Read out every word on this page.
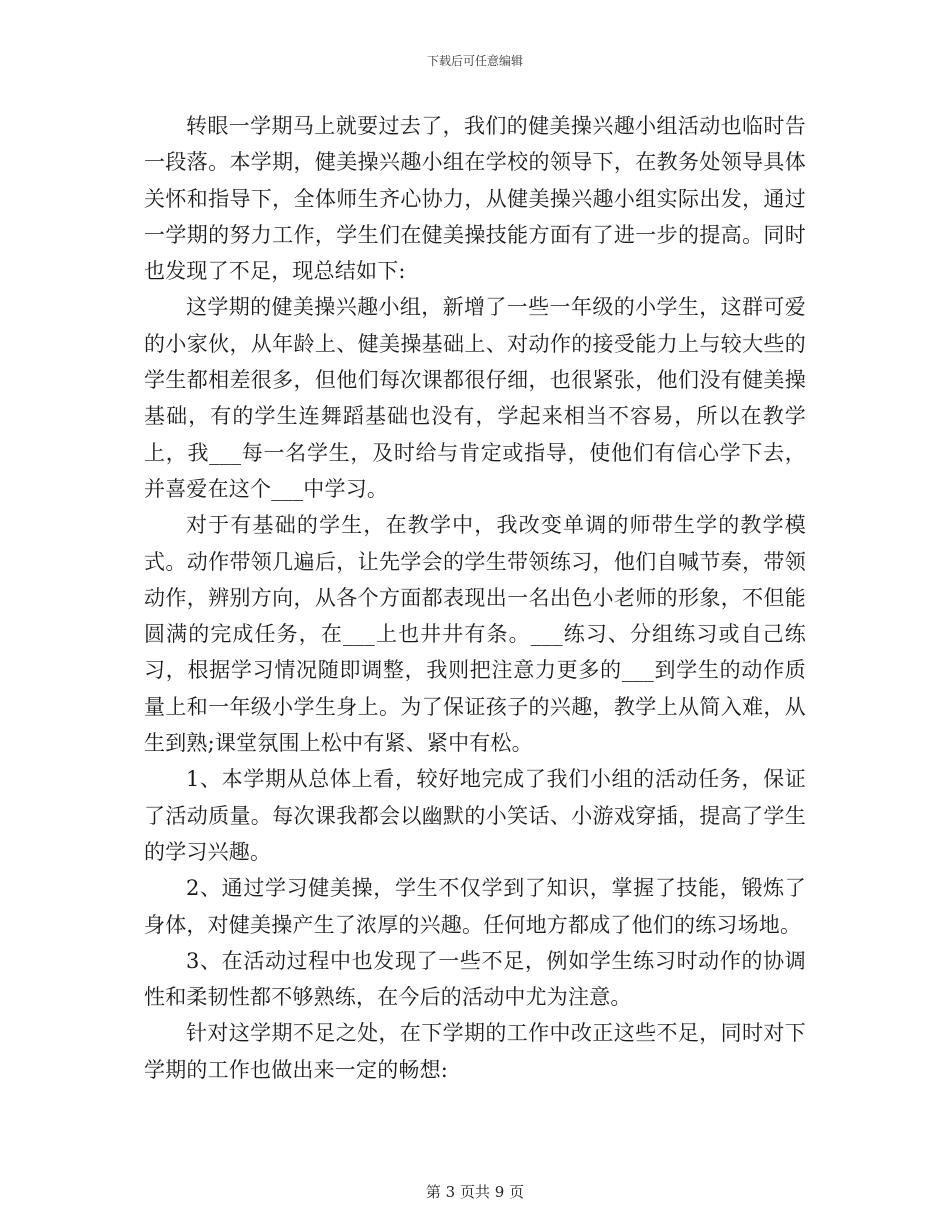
下载后可任意编辑

转眼一学期马上就要过去了，我们的健美操兴趣小组活动也临时告一段落。本学期，健美操兴趣小组在学校的领导下，在教务处领导具体关怀和指导下，全体师生齐心协力，从健美操兴趣小组实际出发，通过一学期的努力工作，学生们在健美操技能方面有了进一步的提高。同时也发现了不足，现总结如下:

这学期的健美操兴趣小组，新增了一些一年级的小学生，这群可爱的小家伙，从年龄上、健美操基础上、对动作的接受能力上与较大些的学生都相差很多，但他们每次课都很仔细，也很紧张，他们没有健美操基础，有的学生连舞蹈基础也没有，学起来相当不容易，所以在教学上，我___每一名学生，及时给与肯定或指导，使他们有信心学下去，并喜爱在这个___中学习。

对于有基础的学生，在教学中，我改变单调的师带生学的教学模式。动作带领几遍后，让先学会的学生带领练习，他们自喊节奏，带领动作，辨别方向，从各个方面都表现出一名出色小老师的形象，不但能圆满的完成任务，在___上也井井有条。___练习、分组练习或自己练习，根据学习情况随即调整，我则把注意力更多的___到学生的动作质量上和一年级小学生身上。为了保证孩子的兴趣，教学上从简入难，从生到熟;课堂氛围上松中有紧、紧中有松。

1、本学期从总体上看，较好地完成了我们小组的活动任务，保证了活动质量。每次课我都会以幽默的小笑话、小游戏穿插，提高了学生的学习兴趣。

2、通过学习健美操，学生不仅学到了知识，掌握了技能，锻炼了身体，对健美操产生了浓厚的兴趣。任何地方都成了他们的练习场地。

3、在活动过程中也发现了一些不足，例如学生练习时动作的协调性和柔韧性都不够熟练，在今后的活动中尤为注意。

针对这学期不足之处，在下学期的工作中改正这些不足，同时对下学期的工作也做出来一定的畅想:

第 3 页共 9 页
